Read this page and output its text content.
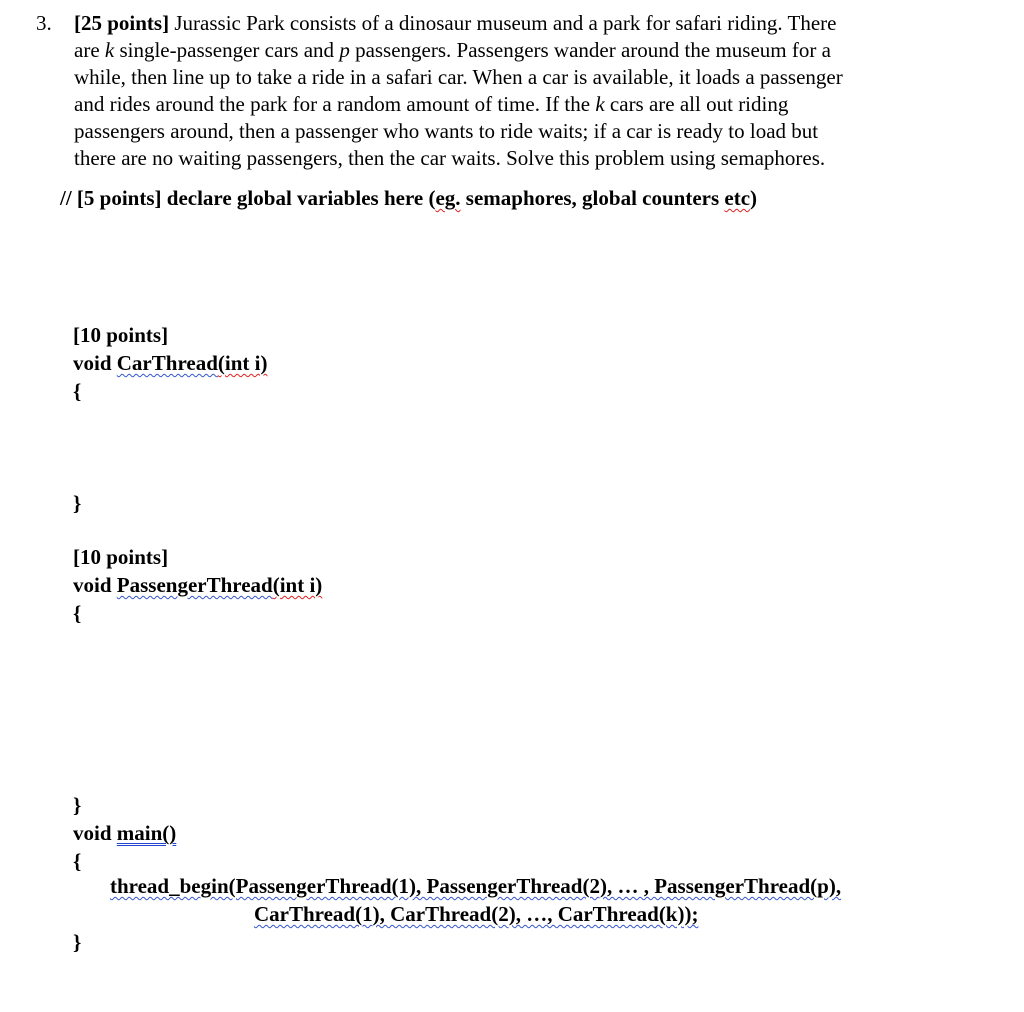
3. [25 points] Jurassic Park consists of a dinosaur museum and a park for safari riding. There
are k single-passenger cars and p passengers. Passengers wander around the museum for a
while, then line up to take a ride in a safari car. When a car is available, it loads a passenger
and rides around the park for a random amount of time. If the k cars are all out riding
passengers around, then a passenger who wants to ride waits; if a car is ready to load but
there are no waiting passengers, then the car waits. Solve this problem using semaphores.
// [5 points] declare global variables here (eg. semaphores, global counters etc)
[10 points]
void CarThread(int i)
{
}
[10 points]
void PassengerThread(int i)
{
}
void main()
{
thread_begin(PassengerThread(1), PassengerThread(2), … , PassengerThread(p),
CarThread(1), CarThread(2), …, CarThread(k));
}
